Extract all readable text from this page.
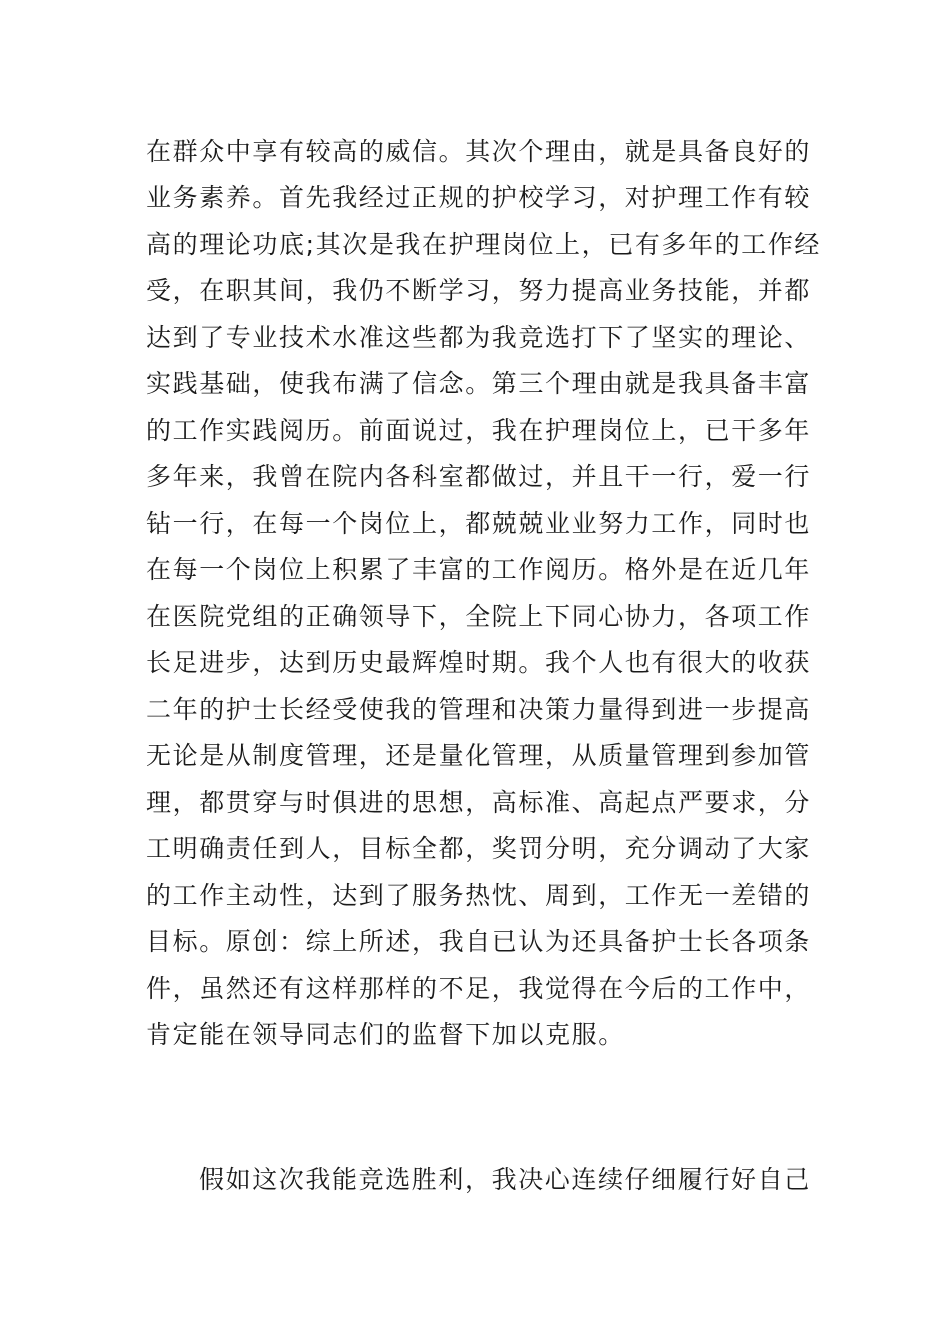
在群众中享有较高的威信。其次个理由，就是具备良好的
业务素养。首先我经过正规的护校学习，对护理工作有较
高的理论功底;其次是我在护理岗位上，已有多年的工作经
受，在职其间，我仍不断学习，努力提高业务技能，并都
达到了专业技术水准这些都为我竞选打下了坚实的理论、
实践基础，使我布满了信念。第三个理由就是我具备丰富
的工作实践阅历。前面说过，我在护理岗位上，已干多年
多年来，我曾在院内各科室都做过，并且干一行，爱一行
钻一行，在每一个岗位上，都兢兢业业努力工作，同时也
在每一个岗位上积累了丰富的工作阅历。格外是在近几年
在医院党组的正确领导下，全院上下同心协力，各项工作
长足进步，达到历史最辉煌时期。我个人也有很大的收获
二年的护士长经受使我的管理和决策力量得到进一步提高
无论是从制度管理，还是量化管理，从质量管理到参加管
理，都贯穿与时俱进的思想，高标准、高起点严要求，分
工明确责任到人，目标全都，奖罚分明，充分调动了大家
的工作主动性，达到了服务热忱、周到，工作无一差错的
目标。原创：综上所述，我自已认为还具备护士长各项条
件，虽然还有这样那样的不足，我觉得在今后的工作中，
肯定能在领导同志们的监督下加以克服。
假如这次我能竞选胜利，我决心连续仔细履行好自己
